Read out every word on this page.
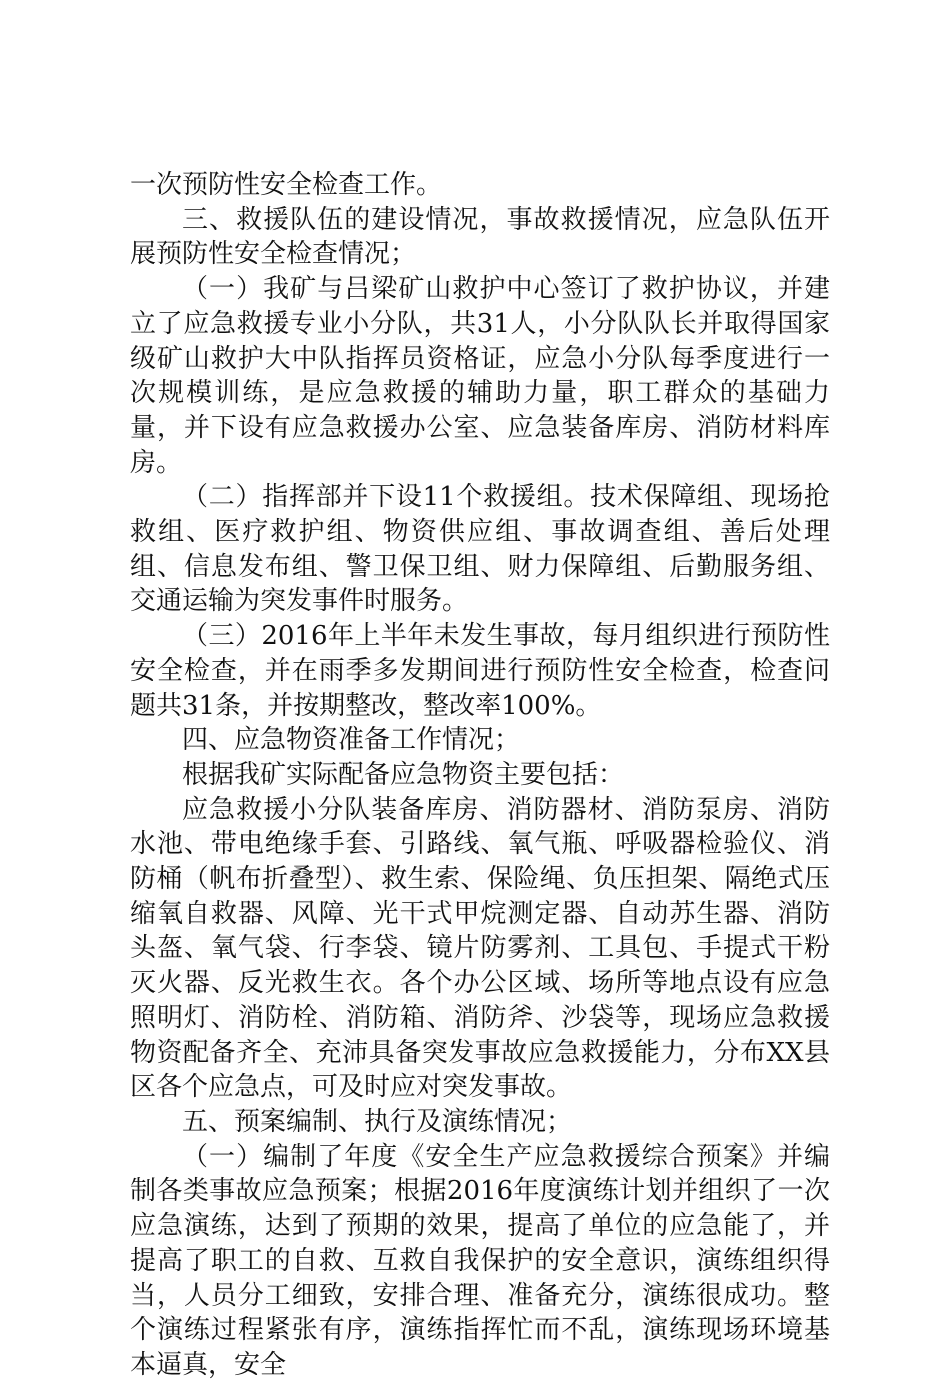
一次预防性安全检查工作。

三、救援队伍的建设情况，事故救援情况，应急队伍开展预防性安全检查情况；

（一）我矿与吕梁矿山救护中心签订了救护协议，并建立了应急救援专业小分队，共31人，小分队队长并取得国家级矿山救护大中队指挥员资格证，应急小分队每季度进行一次规模训练，是应急救援的辅助力量，职工群众的基础力量，并下设有应急救援办公室、应急装备库房、消防材料库房。

（二）指挥部并下设11个救援组。技术保障组、现场抢救组、医疗救护组、物资供应组、事故调查组、善后处理组、信息发布组、警卫保卫组、财力保障组、后勤服务组、交通运输为突发事件时服务。

（三）2016年上半年未发生事故，每月组织进行预防性安全检查，并在雨季多发期间进行预防性安全检查，检查问题共31条，并按期整改，整改率100%。

四、应急物资准备工作情况；

根据我矿实际配备应急物资主要包括：

应急救援小分队装备库房、消防器材、消防泵房、消防水池、带电绝缘手套、引路线、氧气瓶、呼吸器检验仪、消防桶（帆布折叠型）、救生索、保险绳、负压担架、隔绝式压缩氧自救器、风障、光干式甲烷测定器、自动苏生器、消防头盔、氧气袋、行李袋、镜片防雾剂、工具包、手提式干粉灭火器、反光救生衣。各个办公区域、场所等地点设有应急照明灯、消防栓、消防箱、消防斧、沙袋等，现场应急救援物资配备齐全、充沛具备突发事故应急救援能力，分布XX县区各个应急点，可及时应对突发事故。

五、预案编制、执行及演练情况；

（一）编制了年度《安全生产应急救援综合预案》并编制各类事故应急预案；根据2016年度演练计划并组织了一次应急演练，达到了预期的效果，提高了单位的应急能了，并提高了职工的自救、互救自我保护的安全意识，演练组织得当，人员分工细致，安排合理、准备充分，演练很成功。整个演练过程紧张有序，演练指挥忙而不乱，演练现场环境基本逼真，安全
